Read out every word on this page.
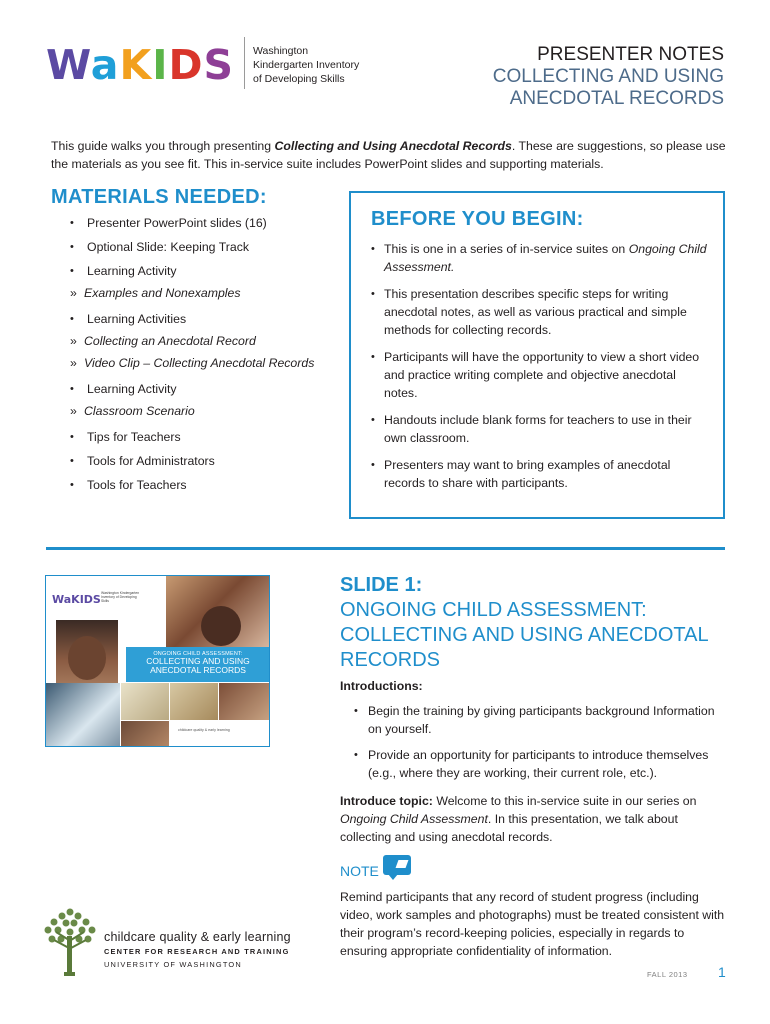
WaKIDS Washington
Kindergarten Inventory
of Developing Skills
PRESENTER NOTES
COLLECTING AND USING
ANECDOTAL RECORDS

This guide walks you through presenting Collecting and Using Anecdotal Records. These are suggestions, so please use the materials as you see fit. This in-service suite includes PowerPoint slides and supporting materials.

MATERIALS NEEDED:
• Presenter PowerPoint slides (16)
• Optional Slide: Keeping Track
• Learning Activity
» Examples and Nonexamples
• Learning Activities
» Collecting an Anecdotal Record
» Video Clip – Collecting Anecdotal Records
• Learning Activity
» Classroom Scenario
• Tips for Teachers
• Tools for Administrators
• Tools for Teachers
BEFORE YOU BEGIN:
• This is one in a series of in-service suites on Ongoing Child Assessment.
• This presentation describes specific steps for writing anecdotal notes, as well as various practical and simple methods for collecting records.
• Participants will have the opportunity to view a short video and practice writing complete and objective anecdotal notes.
• Handouts include blank forms for teachers to use in their own classroom.
• Presenters may want to bring examples of anecdotal records to share with participants.
WaKIDS Washington Kindergarten Inventory of Developing Skills
ONGOING CHILD ASSESSMENT:
COLLECTING AND USING
ANECDOTAL RECORDS
childcare quality & early learning
SLIDE 1:
ONGOING CHILD ASSESSMENT:
COLLECTING AND USING ANECDOTAL
RECORDS
Introductions:
• Begin the training by giving participants background Information on yourself.
• Provide an opportunity for participants to introduce themselves (e.g., where they are working, their current role, etc.).

Introduce topic: Welcome to this in-service suite in our series on Ongoing Child Assessment. In this presentation, we talk about collecting and using anecdotal records.

NOTE

Remind participants that any record of student progress (including video, work samples and photographs) must be treated consistent with their program’s record-keeping policies, especially in regards to ensuring appropriate confidentiality of information.

childcare quality & early learning
CENTER FOR RESEARCH AND TRAINING
UNIVERSITY OF WASHINGTON
FALL 2013 1
